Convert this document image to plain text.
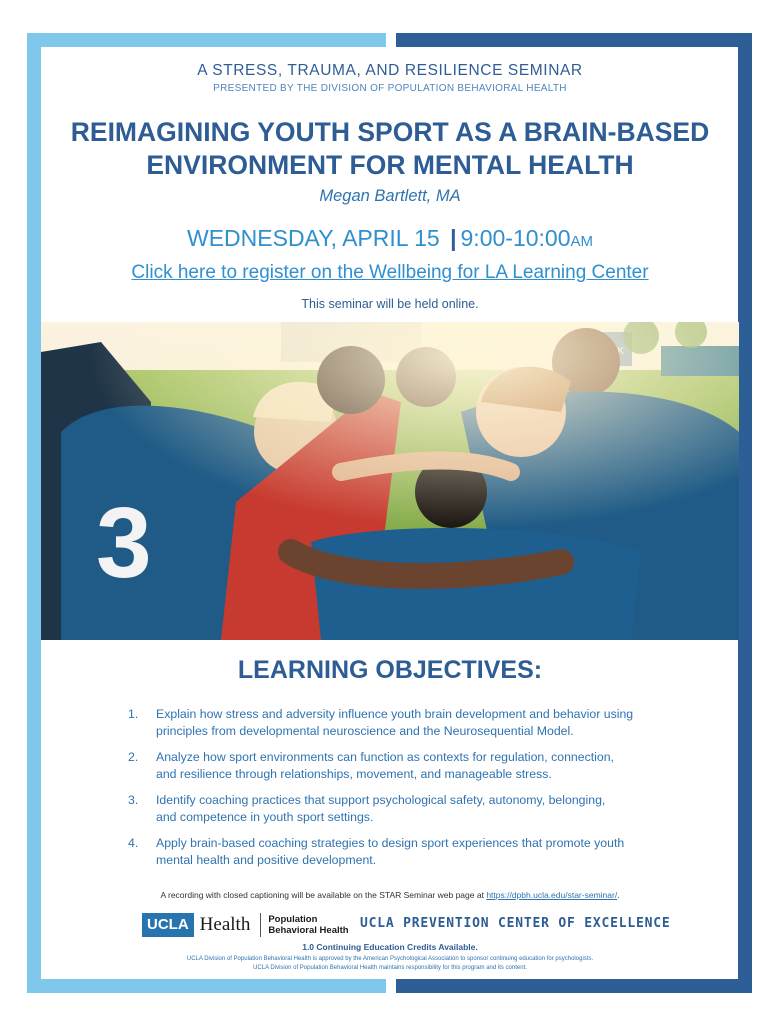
A STRESS, TRAUMA, AND RESILIENCE SEMINAR

PRESENTED BY THE DIVISION OF POPULATION BEHAVIORAL HEALTH

REIMAGINING YOUTH SPORT AS A BRAIN-BASED

ENVIRONMENT FOR MENTAL HEALTH

Megan Bartlett, MA

WEDNESDAY, APRIL 15 | 9:00-10:00AM

Click here to register on the Wellbeing for LA Learning Center

This seminar will be held online.

LEARNING OBJECTIVES:

1.	Explain how stress and adversity influence youth brain development and behavior using
principles from developmental neuroscience and the Neurosequential Model.
2.	Analyze how sport environments can function as contexts for regulation, connection,
and resilience through relationships, movement, and manageable stress.
3.	Identify coaching practices that support psychological safety, autonomy, belonging,
and competence in youth sport settings.
4.	Apply brain-based coaching strategies to design sport experiences that promote youth
mental health and positive development.

A recording with closed captioning will be available on the STAR Seminar web page at https://dpbh.ucla.edu/star-seminar/.

UCLA Health Population
Behavioral Health UCLA PREVENTION CENTER OF EXCELLENCE

1.0 Continuing Education Credits Available.

UCLA Division of Population Behavioral Health is approved by the American Psychological Association to sponsor continuing education for psychologists.

UCLA Division of Population Behavioral Health maintains responsibility for this program and its content.
